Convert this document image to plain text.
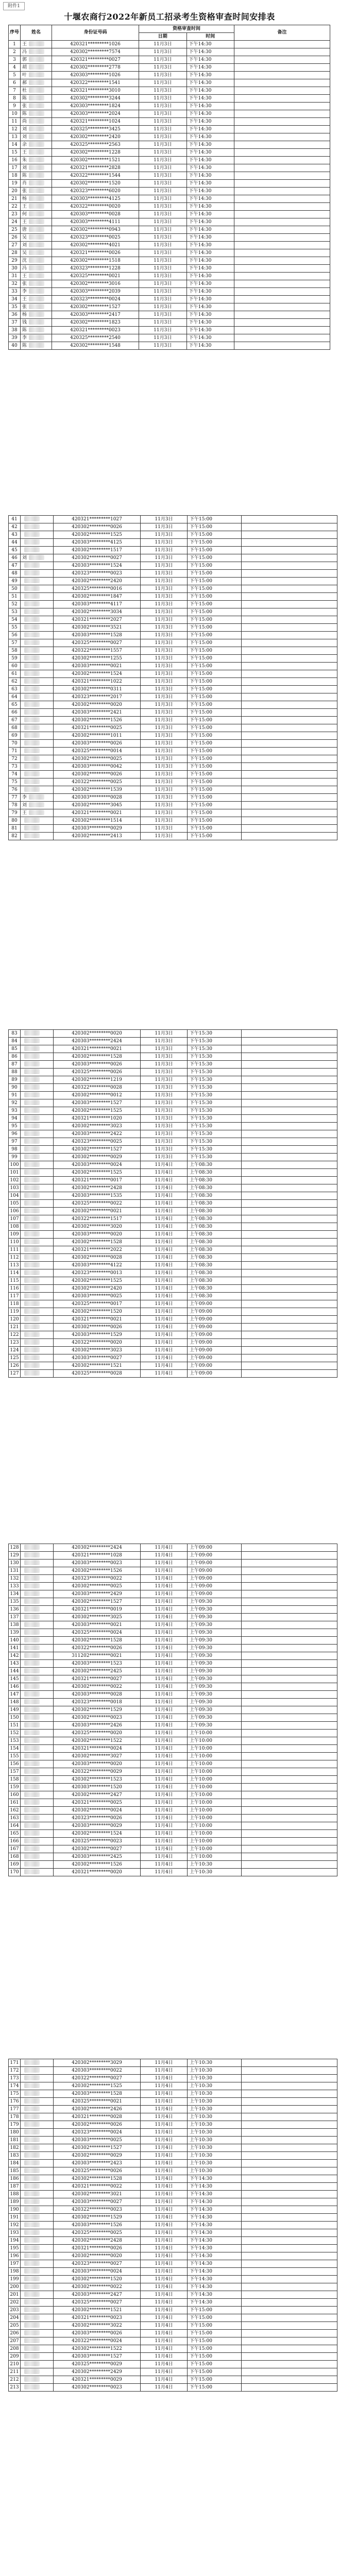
附件1
十堰农商行2022年新员工招录考生资格审查时间安排表
序号	姓名	身份证号码	资格审查时间		备注
			日期	时间	
1	王	420321*********1026	11月3日	下午14:30	
2	冯	420302*********7574	11月3日	下午14:30	
3	郭	420321*********0027	11月3日	下午14:30	
4	胡	420302*********2778	11月3日	下午14:30	
5	叶	420303*********1026	11月3日	下午14:30	
6	郝	420322*********1541	11月3日	下午14:30	
7	杜	420321*********3010	11月3日	下午14:30	
8	陈	420302*********3244	11月3日	下午14:30	
9	张	420303*********1824	11月3日	下午14:30	
10	陈	420303*********2024	11月3日	下午14:30	
11	尚	420321*********1024	11月3日	下午14:30	
12	刘	420325*********3425	11月3日	下午14:30	
13	刘	420302*********2420	11月3日	下午14:30	
14	余	420325*********2563	11月3日	下午14:30	
15	王	420302*********1228	11月3日	下午14:30	
16	朱	420302*********1521	11月3日	下午14:30	
17	刘	420321*********2828	11月3日	下午14:30	
18	陈	420322*********1544	11月3日	下午14:30	
19	肖	420302*********1520	11月3日	下午14:30	
20	张	420323*********6020	11月3日	下午14:30	
21	杨	420303*********4125	11月3日	下午14:30	
22	王	420322*********0020	11月3日	下午14:30	
23	何	420303*********0028	11月3日	下午14:30	
24	王	420303*********4111	11月3日	下午14:30	
25	唐	420302*********0943	11月3日	下午14:30	
26	吴	420323*********0025	11月3日	下午14:30	
27	刘	420302*********4021	11月3日	下午14:30	
28	吴	420321*********0026	11月3日	下午14:30	
29	沈	420302*********1518	11月3日	下午14:30	
30	冯	420323*********1228	11月3日	下午14:30	
31	王	420325*********0021	11月3日	下午14:30	
32	张	420302*********3016	11月3日	下午14:30	
33	李	420303*********2039	11月3日	下午14:30	
34	王	420323*********0024	11月3日	下午14:30	
35	张	420302*********1527	11月3日	下午14:30	
36	杨	420303*********2417	11月3日	下午14:30	
37	钱	420302*********1823	11月3日	下午14:30	
38	陈	420321*********0023	11月3日	下午14:30	
39	李	420325*********2540	11月3日	下午14:30	
40	陈	420302*********1548	11月3日	下午14:30	
41		420321*********1027	11月3日	下午15:00	
42		420302*********0026	11月3日	下午15:00	
43		420302*********1525	11月3日	下午15:00	
44		420303*********4125	11月3日	下午15:00	
45		420302*********1517	11月3日	下午15:00	
46	刘	420302*********0027	11月3日	下午15:00	
47		420303*********1524	11月3日	下午15:00	
48		420323*********0023	11月3日	下午15:00	
49		420302*********2420	11月3日	下午15:00	
50		420325*********0016	11月3日	下午15:00	
51		420302*********1847	11月3日	下午15:00	
52		420303*********4117	11月3日	下午15:00	
53		420302*********3034	11月3日	下午15:00	
54		420321*********2027	11月3日	下午15:00	
55		420302*********3521	11月3日	下午15:00	
56		420303*********1528	11月3日	下午15:00	
57		420325*********0027	11月3日	下午15:00	
58		420322*********1557	11月3日	下午15:00	
59		420302*********1255	11月3日	下午15:00	
60		420303*********0021	11月3日	下午15:00	
61		420302*********1524	11月3日	下午15:00	
62		420321*********1022	11月3日	下午15:00	
63		420302*********0311	11月3日	下午15:00	
64		420323*********2017	11月3日	下午15:00	
65		420302*********0020	11月3日	下午15:00	
66		420303*********2421	11月3日	下午15:00	
67		420302*********1526	11月3日	下午15:00	
68		420321*********0025	11月3日	下午15:00	
69		420302*********1011	11月3日	下午15:00	
70		420303*********0026	11月3日	下午15:00	
71		420325*********0014	11月3日	下午15:00	
72		420302*********0025	11月3日	下午15:00	
73		420303*********0042	11月3日	下午15:00	
74		420302*********0026	11月3日	下午15:00	
75		420322*********0025	11月3日	下午15:00	
76		420302*********1539	11月3日	下午15:00	
77	李	420303*********0028	11月3日	下午15:00	
78	刘	420302*********3045	11月3日	下午15:00	
79	王	420321*********0021	11月3日	下午15:00	
80		420302*********1514	11月3日	下午15:00	
81		420303*********0029	11月3日	下午15:00	
82		420302*********2413	11月3日	下午15:00	
83		420302*********0020	11月3日	下午15:30	
84		420303*********2424	11月3日	下午15:30	
85		420321*********0021	11月3日	下午15:30	
86		420302*********1528	11月3日	下午15:30	
87		420303*********0026	11月3日	下午15:30	
88		420325*********0026	11月3日	下午15:30	
89		420302*********1219	11月3日	下午15:30	
90		420322*********0028	11月3日	下午15:30	
91		420302*********0012	11月3日	下午15:30	
92		420303*********1527	11月3日	下午15:30	
93		420302*********1525	11月3日	下午15:30	
94		420321*********1020	11月3日	下午15:30	
95		420302*********3023	11月3日	下午15:30	
96		420303*********2422	11月3日	下午15:30	
97		420323*********0025	11月3日	下午15:30	
98		420302*********1527	11月3日	下午15:30	
99		420302*********0029	11月3日	下午15:30	
100		420303*********0024	11月4日	上午08:30	
101		420302*********1525	11月4日	上午08:30	
102		420321*********0017	11月4日	上午08:30	
103		420302*********2428	11月4日	上午08:30	
104		420303*********1535	11月4日	上午08:30	
105		420325*********0022	11月4日	上午08:30	
106		420302*********0021	11月4日	上午08:30	
107		420322*********1517	11月4日	上午08:30	
108		420302*********3020	11月4日	上午08:30	
109		420303*********0020	11月4日	上午08:30	
110		420302*********1528	11月4日	上午08:30	
111		420321*********2022	11月4日	上午08:30	
112		420302*********0028	11月4日	上午08:30	
113		420303*********4122	11月4日	上午08:30	
114		420323*********0013	11月4日	上午08:30	
115		420302*********1525	11月4日	上午08:30	
116		420302*********2420	11月4日	上午08:30	
117		420303*********0025	11月4日	上午08:30	
118		420325*********0017	11月4日	上午09:00	
119		420302*********1520	11月4日	上午09:00	
120		420321*********0021	11月4日	上午09:00	
121		420302*********0026	11月4日	上午09:00	
122		420303*********1529	11月4日	上午09:00	
123		420322*********0020	11月4日	上午09:00	
124		420302*********3023	11月4日	上午09:00	
125		420303*********0027	11月4日	上午09:00	
126		420302*********1521	11月4日	上午09:00	
127		420325*********0028	11月4日	上午09:00	
128		420302*********2424	11月4日	上午09:00	
129		420321*********1028	11月4日	上午09:00	
130		420303*********0023	11月4日	上午09:00	
131		420302*********1526	11月4日	上午09:00	
132		420323*********0022	11月4日	上午09:00	
133		420302*********0025	11月4日	上午09:00	
134		420303*********2429	11月4日	上午09:00	
135		420302*********1527	11月4日	上午09:30	
136		420321*********0019	11月4日	上午09:30	
137		420302*********3025	11月4日	上午09:30	
138		420303*********0021	11月4日	上午09:30	
139		420325*********0024	11月4日	上午09:30	
140		420302*********1528	11月4日	上午09:30	
141		420322*********0026	11月4日	上午09:30	
142		311202*********0021	11月4日	上午09:30	
143		420303*********1523	11月4日	上午09:30	
144		420302*********2425	11月4日	上午09:30	
145		420321*********0027	11月4日	上午09:30	
146		420302*********0022	11月4日	上午09:30	
147		420303*********0028	11月4日	上午09:30	
148		420323*********0018	11月4日	上午09:30	
149		420302*********1529	11月4日	上午09:30	
150		420302*********0023	11月4日	上午09:30	
151		420303*********2426	11月4日	上午09:30	
152		420325*********0020	11月4日	上午10:00	
153		420302*********1522	11月4日	上午10:00	
154		420321*********0024	11月4日	上午10:00	
155		420302*********3027	11月4日	上午10:00	
156		420303*********0020	11月4日	上午10:00	
157		420322*********0029	11月4日	上午10:00	
158		420302*********1523	11月4日	上午10:00	
159		420303*********1520	11月4日	上午10:00	
160		420302*********2427	11月4日	上午10:00	
161		420321*********0025	11月4日	上午10:00	
162		420302*********0024	11月4日	上午10:00	
163		420323*********0026	11月4日	上午10:00	
164		420303*********0029	11月4日	上午10:00	
165		420302*********1524	11月4日	上午10:00	
166		420325*********0023	11月4日	上午10:00	
167		420302*********0027	11月4日	上午10:00	
168		420303*********2425	11月4日	上午10:00	
169		420302*********1526	11月4日	上午10:30	
170		420321*********0020	11月4日	上午10:30	
171		420302*********3029	11月4日	上午10:30	
172		420303*********0022	11月4日	上午10:30	
173		420322*********0027	11月4日	上午10:30	
174		420302*********1525	11月4日	上午10:30	
175		420303*********1528	11月4日	上午10:30	
176		420325*********0021	11月4日	上午10:30	
177		420302*********2426	11月4日	上午10:30	
178		420321*********0028	11月4日	上午10:30	
179		420302*********0026	11月4日	上午10:30	
180		420323*********0024	11月4日	上午10:30	
181		420303*********0025	11月4日	上午10:30	
182		420302*********1527	11月4日	上午10:30	
183		420302*********0029	11月4日	上午10:30	
184		420303*********2423	11月4日	上午10:30	
185		420325*********0026	11月4日	上午10:30	
186		420302*********1528	11月4日	下午14:30	
187		420321*********0022	11月4日	下午14:30	
188		420302*********3021	11月4日	下午14:30	
189		420303*********0027	11月4日	下午14:30	
190		420322*********0023	11月4日	下午14:30	
191		420302*********1529	11月4日	下午14:30	
192		420303*********1526	11月4日	下午14:30	
193		420325*********0025	11月4日	下午14:30	
194		420302*********2428	11月4日	下午14:30	
195		420321*********0026	11月4日	下午14:30	
196		420302*********0020	11月4日	下午14:30	
197		420323*********0027	11月4日	下午14:30	
198		420303*********0024	11月4日	下午14:30	
199		420302*********1520	11月4日	下午14:30	
200		420302*********0022	11月4日	下午14:30	
201		420303*********2427	11月4日	下午14:30	
202		420325*********0027	11月4日	下午14:30	
203		420302*********1521	11月4日	下午15:00	
204		420321*********0023	11月4日	下午15:00	
205		420302*********3022	11月4日	下午15:00	
206		420303*********0026	11月4日	下午15:00	
207		420322*********0024	11月4日	下午15:00	
208		420302*********1522	11月4日	下午15:00	
209		420303*********1527	11月4日	下午15:00	
210		420325*********0029	11月4日	下午15:00	
211		420302*********2429	11月4日	下午15:00	
212		420321*********0029	11月4日	下午15:00	
213		420302*********0023	11月4日	下午15:00	
